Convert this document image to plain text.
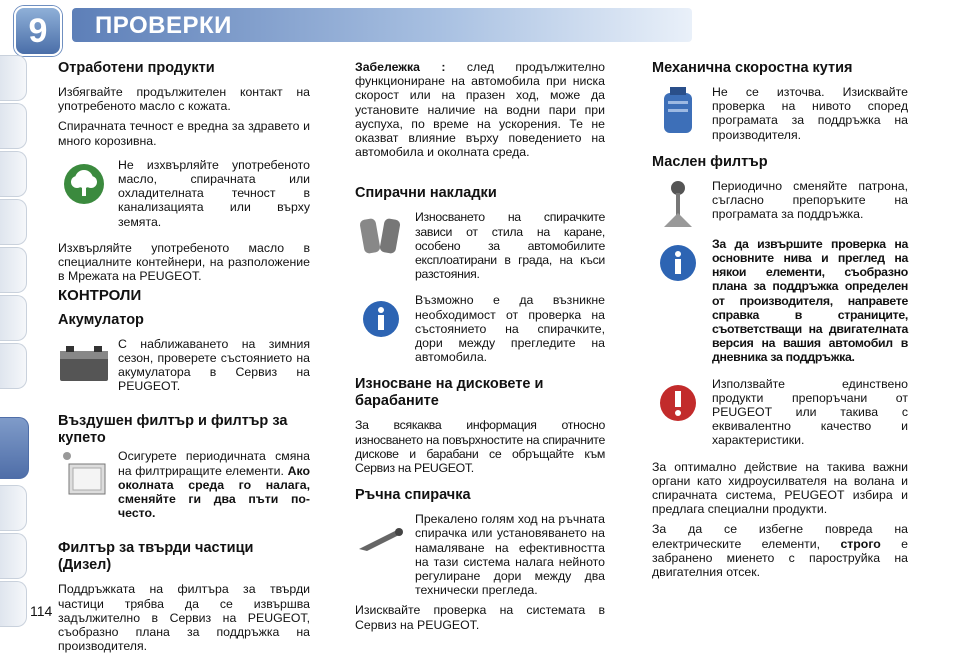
9 ПРОВЕРКИ
Отработени продукти

Избягвайте продължителен контакт на употребеното масло с кожата.

Спирачната течност е вредна за здравето и много корозивна.

Не изхвърляйте употребеното масло, спирачната или охладителната течност в канализацията или върху земята.

Изхвърляйте употребеното масло в специалните контейнери, на разположение в Мрежата на PEUGEOT.

КОНТРОЛИ
Акумулатор

С наближаването на зимния сезон, проверете състоянието на акумулатора в Сервиз на PEUGEOT.

Въздушен филтър и филтър за купето

Осигурете периодичната смяна на филтриращите елементи. Ако околната среда го налага, сменяйте ги два пъти по-често.

Филтър за твърди частици (Дизел)

Поддръжката на филтъра за твърди частици трябва да се извършва задължително в Сервиз на PEUGEOT, съобразно плана за поддръжка на производителя.

Забележка : след продължително функциониране на автомобила при ниска скорост или на празен ход, може да установите наличие на водни пари при ауспуха, по време на ускорения. Те не оказват влияние върху поведението на автомобила и околната среда.

Спирачни накладки

Износването на спирачките зависи от стила на каране, особено за автомобилите експлоатирани в града, на къси разстояния.

Възможно е да възникне необходимост от проверка на състоянието на спирачките, дори между прегледите на автомобила.

Износване на дисковете и барабаните

За всякаква информация относно износването на повърхностите на спирачните дискове и барабани се обръщайте към Сервиз на PEUGEOT.

Ръчна спирачка

Прекалено голям ход на ръчната спирачка или установяването на намаляване на ефективността на тази система налага нейното регулиране дори между два технически прегледа.

Изисквайте проверка на системата в Сервиз на PEUGEOT.

Механична скоростна кутия

Не се източва. Изисквайте проверка на нивото според програмата за поддръжка на производителя.

Маслен филтър

Периодично сменяйте патрона, съгласно препоръките на програмата за поддръжка.

За да извършите проверка на основните нива и преглед на някои елементи, съобразно плана за поддръжка определен от производителя, направете справка в страниците, съответстващи на двигателната версия на вашия автомобил в дневника за поддръжка.

Използвайте единствено продукти препоръчани от PEUGEOT или такива с еквивалентно качество и характеристики.

За оптимално действие на такива важни органи като хидроусилвателя на волана и спирачната система, PEUGEOT избира и предлага специални продукти.

За да се избегне повреда на електрическите елементи, строго е забранено миенето с пароструйка на двигателния отсек.

114
